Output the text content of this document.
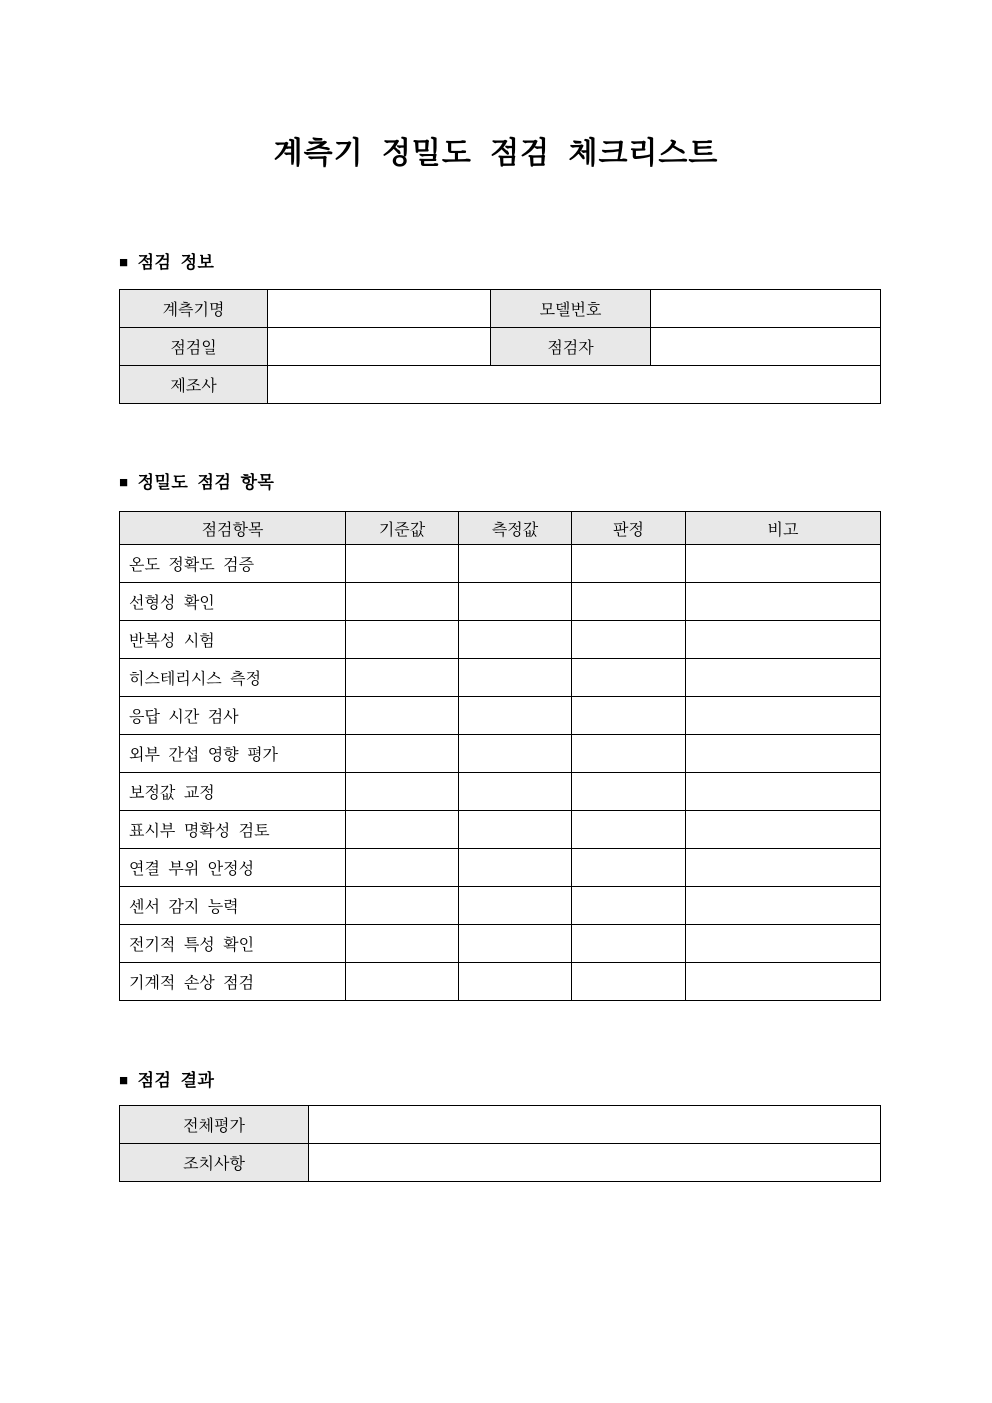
계측기 정밀도 점검 체크리스트
■ 점검 정보
계측기명		모델번호	
점검일		점검자	
제조사			
■ 정밀도 점검 항목
점검항목	기준값	측정값	판정	비고
온도 정확도 검증				
선형성 확인				
반복성 시험				
히스테리시스 측정				
응답 시간 검사				
외부 간섭 영향 평가				
보정값 교정				
표시부 명확성 검토				
연결 부위 안정성				
센서 감지 능력				
전기적 특성 확인				
기계적 손상 점검				
■ 점검 결과
전체평가	
조치사항	
